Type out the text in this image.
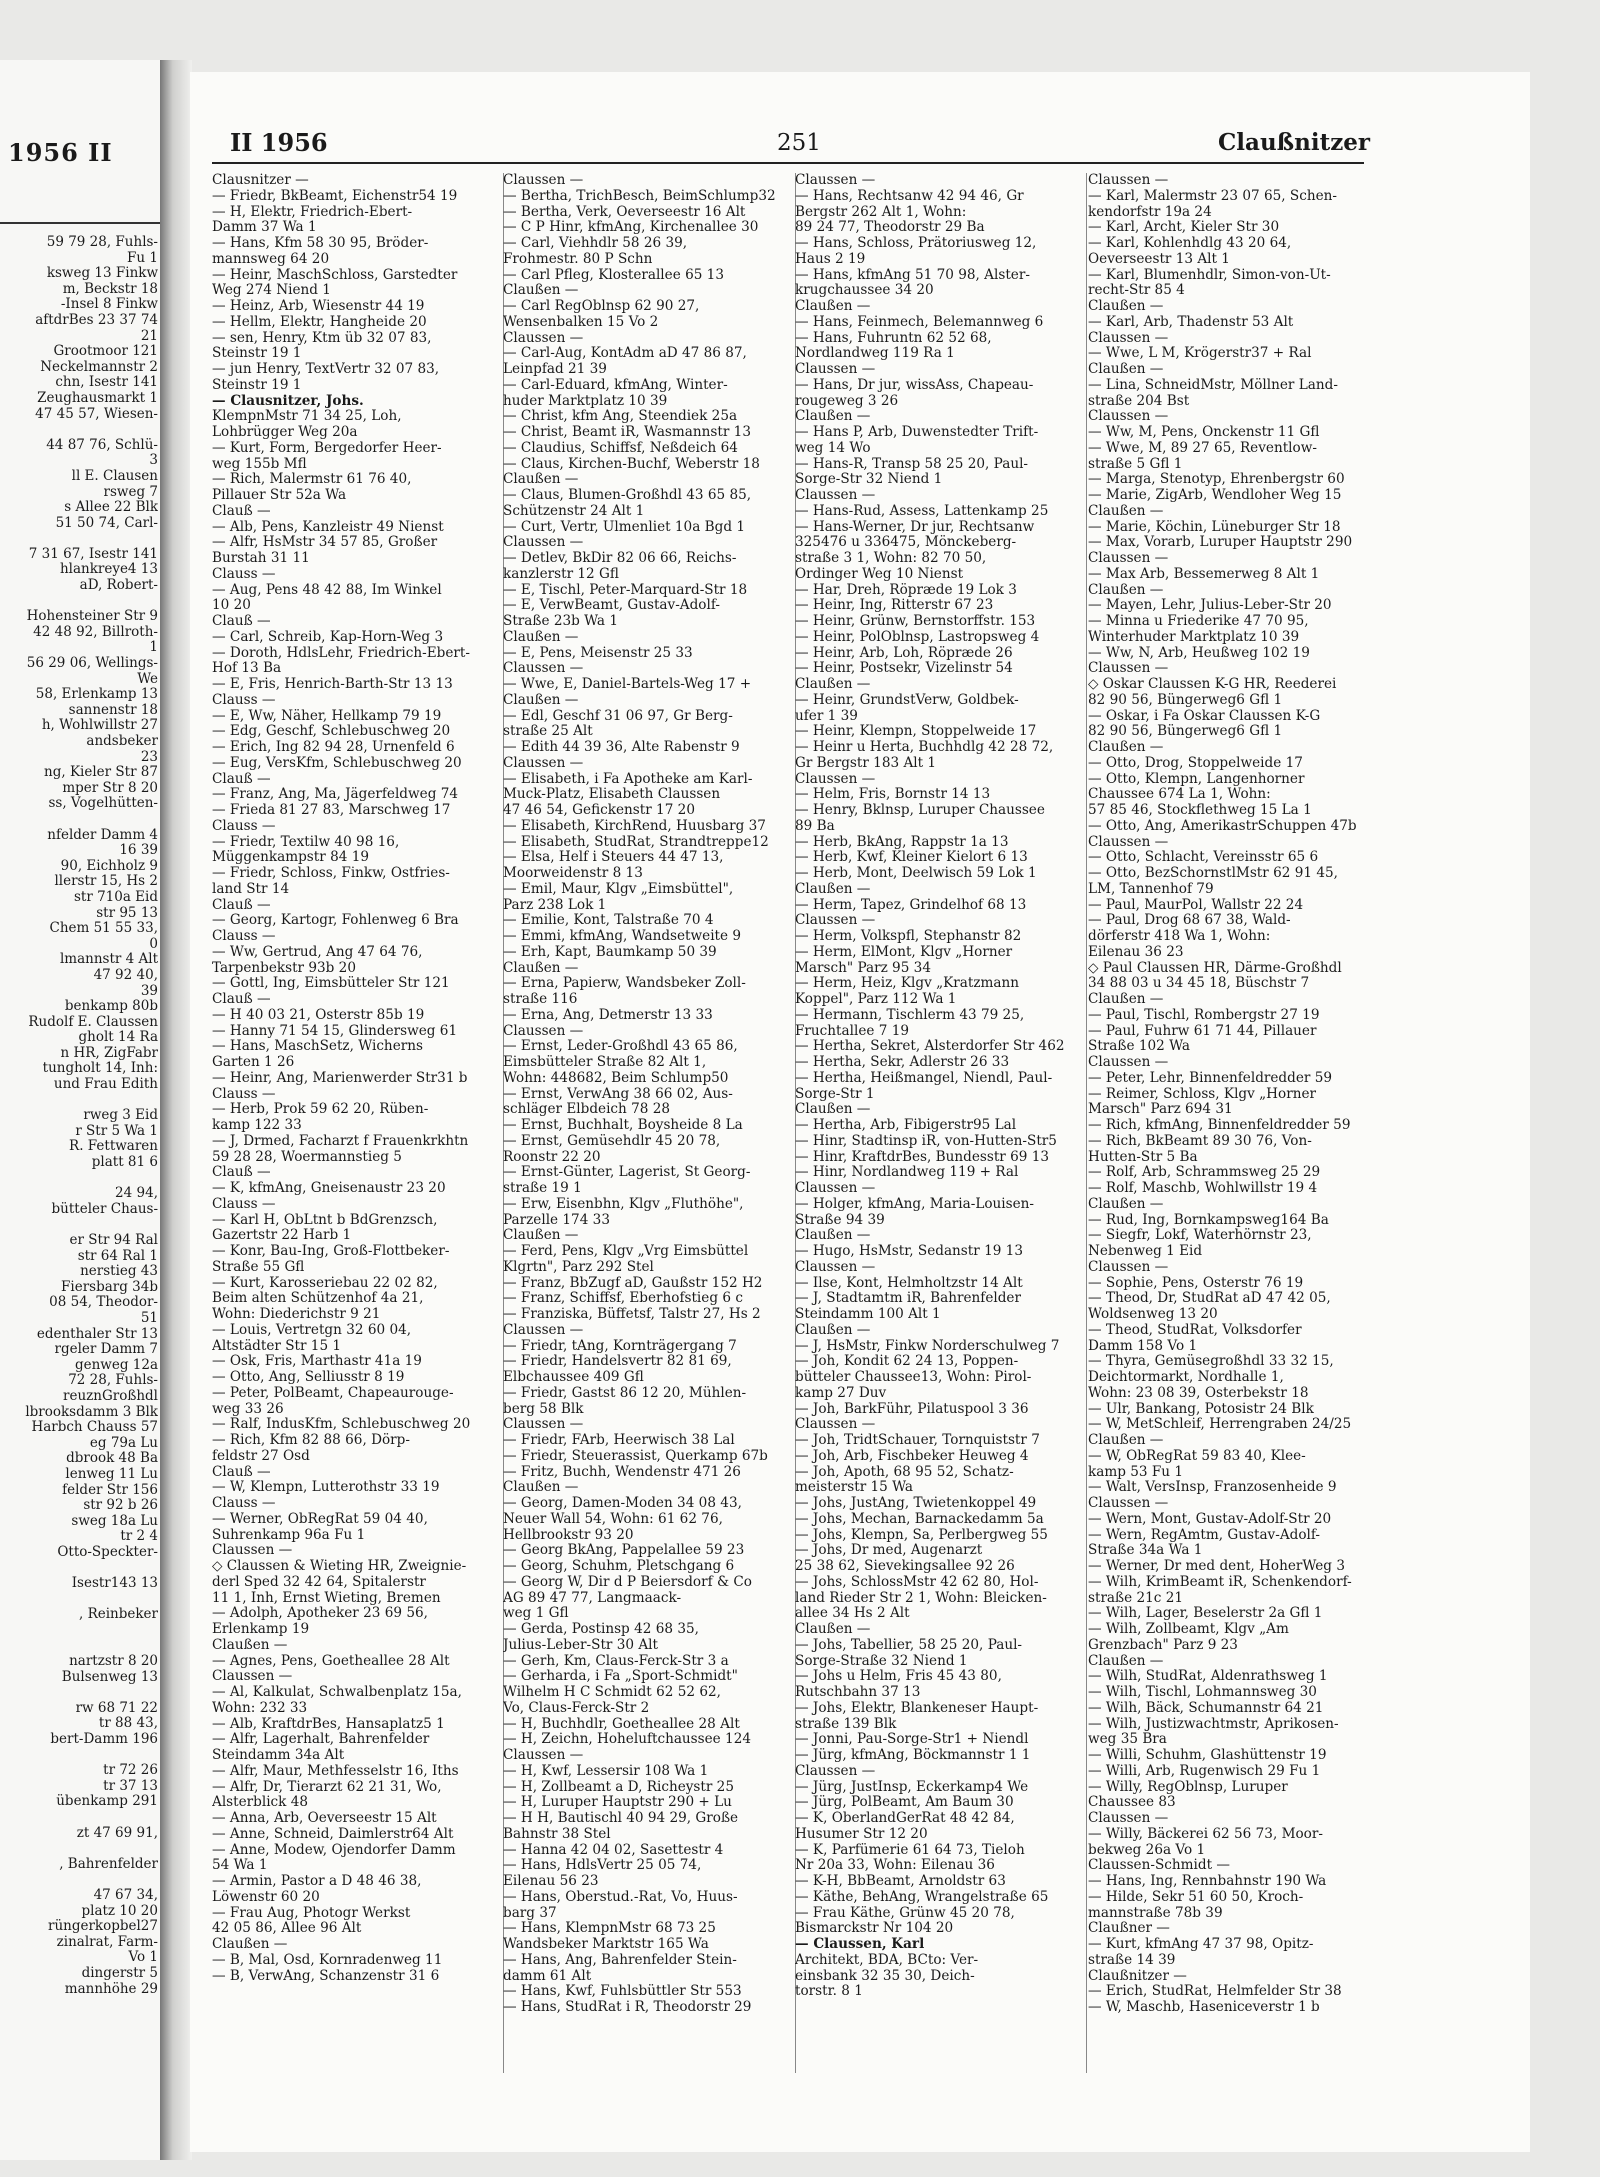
1956 II
59 79 28, Fuhls-
Fu 1
ksweg 13 Finkw
m, Beckstr 18
-Insel 8 Finkw
aftdrBes 23 37 74
21
Grootmoor 121
Neckelmannstr 2
chn, Isestr 141
Zeughausmarkt 1
47 45 57, Wiesen-

44 87 76, Schlü-
3
ll E. Clausen
rsweg 7
s Allee 22 Blk
51 50 74, Carl-

7 31 67, Isestr 141
hlankreye4 13
aD, Robert-

Hohensteiner Str 9
42 48 92, Billroth-
1
56 29 06, Wellings-
We
58, Erlenkamp 13
sannenstr 18
h, Wohlwillstr 27
andsbeker
23
ng, Kieler Str 87
mper Str 8 20
ss, Vogelhütten-

nfelder Damm 4
16 39
90, Eichholz 9
llerstr 15, Hs 2
str 710a Eid
str 95 13
Chem 51 55 33,
0
lmannstr 4 Alt
47 92 40,
39
benkamp 80b
Rudolf E. Claussen
gholt 14 Ra
n HR, ZigFabr
tungholt 14, Inh:
und Frau Edith

rweg 3 Eid
r Str 5 Wa 1
R. Fettwaren
platt 81 6

24 94,
bütteler Chaus-

er Str 94 Ral
str 64 Ral 1
nerstieg 43
Fiersbarg 34b
08 54, Theodor-
51
edenthaler Str 13
rgeler Damm 7
genweg 12a
72 28, Fuhls-
reuznGroßhdl
lbrooksdamm 3 Blk
Harbch Chauss 57
eg 79a Lu
dbrook 48 Ba
lenweg 11 Lu
felder Str 156
str 92 b 26
sweg 18a Lu
tr 2 4
Otto-Speckter-

Isestr143 13

, Reinbeker

nartzstr 8 20
Bulsenweg 13

rw 68 71 22
tr 88 43,
bert-Damm 196

tr 72 26
tr 37 13
übenkamp 291

zt 47 69 91,

, Bahrenfelder

47 67 34,
platz 10 20
rüngerkopbel27
zinalrat, Farm-
Vo 1
dingerstr 5
mannhöhe 29
II 1956	251	Claußnitzer
Clausnitzer —
— Friedr, BkBeamt, Eichenstr54 19
— H, Elektr, Friedrich-Ebert-
Damm 37 Wa 1
— Hans, Kfm 58 30 95, Bröder-
mannsweg 64 20
— Heinr, MaschSchloss, Garstedter
Weg 274 Niend 1
— Heinz, Arb, Wiesenstr 44 19
— Hellm, Elektr, Hangheide 20
— sen, Henry, Ktm üb 32 07 83,
Steinstr 19 1
— jun Henry, TextVertr 32 07 83,
Steinstr 19 1
— Clausnitzer, Johs.
KlempnMstr 71 34 25, Loh,
Lohbrügger Weg 20a
— Kurt, Form, Bergedorfer Heer-
weg 155b Mfl
— Rich, Malermstr 61 76 40,
Pillauer Str 52a Wa
Clauß —
— Alb, Pens, Kanzleistr 49 Nienst
— Alfr, HsMstr 34 57 85, Großer
Burstah 31 11
Clauss —
— Aug, Pens 48 42 88, Im Winkel
10 20
Clauß —
— Carl, Schreib, Kap-Horn-Weg 3
— Doroth, HdlsLehr, Friedrich-Ebert-
Hof 13 Ba
— E, Fris, Henrich-Barth-Str 13 13
Clauss —
— E, Ww, Näher, Hellkamp 79 19
— Edg, Geschf, Schlebuschweg 20
— Erich, Ing 82 94 28, Urnenfeld 6
— Eug, VersKfm, Schlebuschweg 20
Clauß —
— Franz, Ang, Ma, Jägerfeldweg 74
— Frieda 81 27 83, Marschweg 17
Clauss —
— Friedr, Textilw 40 98 16,
Müggenkampstr 84 19
— Friedr, Schloss, Finkw, Ostfries-
land Str 14
Clauß —
— Georg, Kartogr, Fohlenweg 6 Bra
Clauss —
— Ww, Gertrud, Ang 47 64 76,
Tarpenbekstr 93b 20
— Gottl, Ing, Eimsbütteler Str 121
Clauß —
— H 40 03 21, Osterstr 85b 19
— Hanny 71 54 15, Glindersweg 61
— Hans, MaschSetz, Wicherns
Garten 1 26
— Heinr, Ang, Marienwerder Str31 b
Clauss —
— Herb, Prok 59 62 20, Rüben-
kamp 122 33
— J, Drmed, Facharzt f Frauenkrkhtn
59 28 28, Woermannstieg 5
Clauß —
— K, kfmAng, Gneisenaustr 23 20
Clauss —
— Karl H, ObLtnt b BdGrenzsch,
Gazertstr 22 Harb 1
— Konr, Bau-Ing, Groß-Flottbeker-
Straße 55 Gfl
— Kurt, Karosseriebau 22 02 82,
Beim alten Schützenhof 4a 21,
Wohn: Diederichstr 9 21
— Louis, Vertretgn 32 60 04,
Altstädter Str 15 1
— Osk, Fris, Marthastr 41a 19
— Otto, Ang, Selliusstr 8 19
— Peter, PolBeamt, Chapeaurouge-
weg 33 26
— Ralf, IndusKfm, Schlebuschweg 20
— Rich, Kfm 82 88 66, Dörp-
feldstr 27 Osd
Clauß —
— W, Klempn, Lutterothstr 33 19
Clauss —
— Werner, ObRegRat 59 04 40,
Suhrenkamp 96a Fu 1
Claussen —
◇ Claussen & Wieting HR, Zweignie-
derl Sped 32 42 64, Spitalerstr
11 1, Inh, Ernst Wieting, Bremen
— Adolph, Apotheker 23 69 56,
Erlenkamp 19
Claußen —
— Agnes, Pens, Goetheallee 28 Alt
Claussen —
— Al, Kalkulat, Schwalbenplatz 15a,
Wohn: 232 33
— Alb, KraftdrBes, Hansaplatz5 1
— Alfr, Lagerhalt, Bahrenfelder
Steindamm 34a Alt
— Alfr, Maur, Methfesselstr 16, Iths
— Alfr, Dr, Tierarzt 62 21 31, Wo,
Alsterblick 48
— Anna, Arb, Oeverseestr 15 Alt
— Anne, Schneid, Daimlerstr64 Alt
— Anne, Modew, Ojendorfer Damm
54 Wa 1
— Armin, Pastor a D 48 46 38,
Löwenstr 60 20
— Frau Aug, Photogr Werkst
42 05 86, Allee 96 Alt
Claußen —
— B, Mal, Osd, Kornradenweg 11
— B, VerwAng, Schanzenstr 31 6
Claussen —
— Bertha, TrichBesch, BeimSchlump32
— Bertha, Verk, Oeverseestr 16 Alt
— C P Hinr, kfmAng, Kirchenallee 30
— Carl, Viehhdlr 58 26 39,
Frohmestr. 80 P Schn
— Carl Pfleg, Klosterallee 65 13
Claußen —
— Carl RegOblnsp 62 90 27,
Wensenbalken 15 Vo 2
Claussen —
— Carl-Aug, KontAdm aD 47 86 87,
Leinpfad 21 39
— Carl-Eduard, kfmAng, Winter-
huder Marktplatz 10 39
— Christ, kfm Ang, Steendiek 25a
— Christ, Beamt iR, Wasmannstr 13
— Claudius, Schiffsf, Neßdeich 64
— Claus, Kirchen-Buchf, Weberstr 18
Claußen —
— Claus, Blumen-Großhdl 43 65 85,
Schützenstr 24 Alt 1
— Curt, Vertr, Ulmenliet 10a Bgd 1
Claussen —
— Detlev, BkDir 82 06 66, Reichs-
kanzlerstr 12 Gfl
— E, Tischl, Peter-Marquard-Str 18
— E, VerwBeamt, Gustav-Adolf-
Straße 23b Wa 1
Claußen —
— E, Pens, Meisenstr 25 33
Claussen —
— Wwe, E, Daniel-Bartels-Weg 17 +
Claußen —
— Edl, Geschf 31 06 97, Gr Berg-
straße 25 Alt
— Edith 44 39 36, Alte Rabenstr 9
Claussen —
— Elisabeth, i Fa Apotheke am Karl-
Muck-Platz, Elisabeth Claussen
47 46 54, Gefickenstr 17 20
— Elisabeth, KirchRend, Huusbarg 37
— Elisabeth, StudRat, Strandtreppe12
— Elsa, Helf i Steuers 44 47 13,
Moorweidenstr 8 13
— Emil, Maur, Klgv „Eimsbüttel",
Parz 238 Lok 1
— Emilie, Kont, Talstraße 70 4
— Emmi, kfmAng, Wandsetweite 9
— Erh, Kapt, Baumkamp 50 39
Claußen —
— Erna, Papierw, Wandsbeker Zoll-
straße 116
— Erna, Ang, Detmerstr 13 33
Claussen —
— Ernst, Leder-Großhdl 43 65 86,
Eimsbütteler Straße 82 Alt 1,
Wohn: 448682, Beim Schlump50
— Ernst, VerwAng 38 66 02, Aus-
schläger Elbdeich 78 28
— Ernst, Buchhalt, Boysheide 8 La
— Ernst, Gemüsehdlr 45 20 78,
Roonstr 22 20
— Ernst-Günter, Lagerist, St Georg-
straße 19 1
— Erw, Eisenbhn, Klgv „Fluthöhe",
Parzelle 174 33
Claußen —
— Ferd, Pens, Klgv „Vrg Eimsbüttel
Klgrtn", Parz 292 Stel
— Franz, BbZugf aD, Gaußstr 152 H2
— Franz, Schiffsf, Eberhofstieg 6 c
— Franziska, Büffetsf, Talstr 27, Hs 2
Claussen —
— Friedr, tAng, Kornträgergang 7
— Friedr, Handelsvertr 82 81 69,
Elbchaussee 409 Gfl
— Friedr, Gastst 86 12 20, Mühlen-
berg 58 Blk
Claussen —
— Friedr, FArb, Heerwisch 38 Lal
— Friedr, Steuerassist, Querkamp 67b
— Fritz, Buchh, Wendenstr 471 26
Claußen —
— Georg, Damen-Moden 34 08 43,
Neuer Wall 54, Wohn: 61 62 76,
Hellbrookstr 93 20
— Georg BkAng, Pappelallee 59 23
— Georg, Schuhm, Pletschgang 6
— Georg W, Dir d P Beiersdorf & Co
AG 89 47 77, Langmaack-
weg 1 Gfl
— Gerda, Postinsp 42 68 35,
Julius-Leber-Str 30 Alt
— Gerh, Km, Claus-Ferck-Str 3 a
— Gerharda, i Fa „Sport-Schmidt"
Wilhelm H C Schmidt 62 52 62,
Vo, Claus-Ferck-Str 2
— H, Buchhdlr, Goetheallee 28 Alt
— H, Zeichn, Hoheluftchaussee 124
Claussen —
— H, Kwf, Lessersir 108 Wa 1
— H, Zollbeamt a D, Richeystr 25
— H, Luruper Hauptstr 290 + Lu
— H H, Bautischl 40 94 29, Große
Bahnstr 38 Stel
— Hanna 42 04 02, Sasettestr 4
— Hans, HdlsVertr 25 05 74,
Eilenau 56 23
— Hans, Oberstud.-Rat, Vo, Huus-
barg 37
— Hans, KlempnMstr 68 73 25
Wandsbeker Marktstr 165 Wa
— Hans, Ang, Bahrenfelder Stein-
damm 61 Alt
— Hans, Kwf, Fuhlsbüttler Str 553
— Hans, StudRat i R, Theodorstr 29
Claussen —
— Hans, Rechtsanw 42 94 46, Gr
Bergstr 262 Alt 1, Wohn:
89 24 77, Theodorstr 29 Ba
— Hans, Schloss, Prätoriusweg 12,
Haus 2 19
— Hans, kfmAng 51 70 98, Alster-
krugchaussee 34 20
Claußen —
— Hans, Feinmech, Belemannweg 6
— Hans, Fuhruntn 62 52 68,
Nordlandweg 119 Ra 1
Claussen —
— Hans, Dr jur, wissAss, Chapeau-
rougeweg 3 26
Claußen —
— Hans P, Arb, Duwenstedter Trift-
weg 14 Wo
— Hans-R, Transp 58 25 20, Paul-
Sorge-Str 32 Niend 1
Claussen —
— Hans-Rud, Assess, Lattenkamp 25
— Hans-Werner, Dr jur, Rechtsanw
325476 u 336475, Mönckeberg-
straße 3 1, Wohn: 82 70 50,
Ordinger Weg 10 Nienst
— Har, Dreh, Röpræde 19 Lok 3
— Heinr, Ing, Ritterstr 67 23
— Heinr, Grünw, Bernstorffstr. 153
— Heinr, PolOblnsp, Lastropsweg 4
— Heinr, Arb, Loh, Röpræde 26
— Heinr, Postsekr, Vizelinstr 54
Claußen —
— Heinr, GrundstVerw, Goldbek-
ufer 1 39
— Heinr, Klempn, Stoppelweide 17
— Heinr u Herta, Buchhdlg 42 28 72,
Gr Bergstr 183 Alt 1
Claussen —
— Helm, Fris, Bornstr 14 13
— Henry, Bklnsp, Luruper Chaussee
89 Ba
— Herb, BkAng, Rappstr 1a 13
— Herb, Kwf, Kleiner Kielort 6 13
— Herb, Mont, Deelwisch 59 Lok 1
Claußen —
— Herm, Tapez, Grindelhof 68 13
Claussen —
— Herm, Volkspfl, Stephanstr 82
— Herm, ElMont, Klgv „Horner
Marsch" Parz 95 34
— Herm, Heiz, Klgv „Kratzmann
Koppel", Parz 112 Wa 1
— Hermann, Tischlerm 43 79 25,
Fruchtallee 7 19
— Hertha, Sekret, Alsterdorfer Str 462
— Hertha, Sekr, Adlerstr 26 33
— Hertha, Heißmangel, Niendl, Paul-
Sorge-Str 1
Claußen —
— Hertha, Arb, Fibigerstr95 Lal
— Hinr, Stadtinsp iR, von-Hutten-Str5
— Hinr, KraftdrBes, Bundesstr 69 13
— Hinr, Nordlandweg 119 + Ral
Claussen —
— Holger, kfmAng, Maria-Louisen-
Straße 94 39
Claußen —
— Hugo, HsMstr, Sedanstr 19 13
Claussen —
— Ilse, Kont, Helmholtzstr 14 Alt
— J, Stadtamtm iR, Bahrenfelder
Steindamm 100 Alt 1
Claußen —
— J, HsMstr, Finkw Norderschulweg 7
— Joh, Kondit 62 24 13, Poppen-
bütteler Chaussee13, Wohn: Pirol-
kamp 27 Duv
— Joh, BarkFühr, Pilatuspool 3 36
Claussen —
— Joh, TridtSchauer, Tornquiststr 7
— Joh, Arb, Fischbeker Heuweg 4
— Joh, Apoth, 68 95 52, Schatz-
meisterstr 15 Wa
— Johs, JustAng, Twietenkoppel 49
— Johs, Mechan, Barnackedamm 5a
— Johs, Klempn, Sa, Perlbergweg 55
— Johs, Dr med, Augenarzt
25 38 62, Sievekingsallee 92 26
— Johs, SchlossMstr 42 62 80, Hol-
land Rieder Str 2 1, Wohn: Bleicken-
allee 34 Hs 2 Alt
Claußen —
— Johs, Tabellier, 58 25 20, Paul-
Sorge-Straße 32 Niend 1
— Johs u Helm, Fris 45 43 80,
Rutschbahn 37 13
— Johs, Elektr, Blankeneser Haupt-
straße 139 Blk
— Jonni, Pau-Sorge-Str1 + Niendl
— Jürg, kfmAng, Böckmannstr 1 1
Claussen —
— Jürg, JustInsp, Eckerkamp4 We
— Jürg, PolBeamt, Am Baum 30
— K, OberlandGerRat 48 42 84,
Husumer Str 12 20
— K, Parfümerie 61 64 73, Tieloh
Nr 20a 33, Wohn: Eilenau 36
— K-H, BbBeamt, Arnoldstr 63
— Käthe, BehAng, Wrangelstraße 65
— Frau Käthe, Grünw 45 20 78,
Bismarckstr Nr 104 20
— Claussen, Karl
Architekt, BDA, BCto: Ver-
einsbank 32 35 30, Deich-
torstr. 8 1
Claussen —
— Karl, Malermstr 23 07 65, Schen-
kendorfstr 19a 24
— Karl, Archt, Kieler Str 30
— Karl, Kohlenhdlg 43 20 64,
Oeverseestr 13 Alt 1
— Karl, Blumenhdlr, Simon-von-Ut-
recht-Str 85 4
Claußen —
— Karl, Arb, Thadenstr 53 Alt
Claussen —
— Wwe, L M, Krögerstr37 + Ral
Claußen —
— Lina, SchneidMstr, Möllner Land-
straße 204 Bst
Claussen —
— Ww, M, Pens, Onckenstr 11 Gfl
— Wwe, M, 89 27 65, Reventlow-
straße 5 Gfl 1
— Marga, Stenotyp, Ehrenbergstr 60
— Marie, ZigArb, Wendloher Weg 15
Claußen —
— Marie, Köchin, Lüneburger Str 18
— Max, Vorarb, Luruper Hauptstr 290
Claussen —
— Max Arb, Bessemerweg 8 Alt 1
Claußen —
— Mayen, Lehr, Julius-Leber-Str 20
— Minna u Friederike 47 70 95,
Winterhuder Marktplatz 10 39
— Ww, N, Arb, Heußweg 102 19
Claussen —
◇ Oskar Claussen K-G HR, Reederei
82 90 56, Büngerweg6 Gfl 1
— Oskar, i Fa Oskar Claussen K-G
82 90 56, Büngerweg6 Gfl 1
Claußen —
— Otto, Drog, Stoppelweide 17
— Otto, Klempn, Langenhorner
Chaussee 674 La 1, Wohn:
57 85 46, Stockflethweg 15 La 1
— Otto, Ang, AmerikastrSchuppen 47b
Claussen —
— Otto, Schlacht, Vereinsstr 65 6
— Otto, BezSchornstlMstr 62 91 45,
LM, Tannenhof 79
— Paul, MaurPol, Wallstr 22 24
— Paul, Drog 68 67 38, Wald-
dörferstr 418 Wa 1, Wohn:
Eilenau 36 23
◇ Paul Claussen HR, Därme-Großhdl
34 88 03 u 34 45 18, Büschstr 7
Claußen —
— Paul, Tischl, Rombergstr 27 19
— Paul, Fuhrw 61 71 44, Pillauer
Straße 102 Wa
Claussen —
— Peter, Lehr, Binnenfeldredder 59
— Reimer, Schloss, Klgv „Horner
Marsch" Parz 694 31
— Rich, kfmAng, Binnenfeldredder 59
— Rich, BkBeamt 89 30 76, Von-
Hutten-Str 5 Ba
— Rolf, Arb, Schrammsweg 25 29
— Rolf, Maschb, Wohlwillstr 19 4
Claußen —
— Rud, Ing, Bornkampsweg164 Ba
— Siegfr, Lokf, Waterhörnstr 23,
Nebenweg 1 Eid
Claussen —
— Sophie, Pens, Osterstr 76 19
— Theod, Dr, StudRat aD 47 42 05,
Woldsenweg 13 20
— Theod, StudRat, Volksdorfer
Damm 158 Vo 1
— Thyra, Gemüsegroßhdl 33 32 15,
Deichtormarkt, Nordhalle 1,
Wohn: 23 08 39, Osterbekstr 18
— Ulr, Bankang, Potosistr 24 Blk
— W, MetSchleif, Herrengraben 24/25
Claußen —
— W, ObRegRat 59 83 40, Klee-
kamp 53 Fu 1
— Walt, VersInsp, Franzosenheide 9
Claussen —
— Wern, Mont, Gustav-Adolf-Str 20
— Wern, RegAmtm, Gustav-Adolf-
Straße 34a Wa 1
— Werner, Dr med dent, HoherWeg 3
— Wilh, KrimBeamt iR, Schenkendorf-
straße 21c 21
— Wilh, Lager, Beselerstr 2a Gfl 1
— Wilh, Zollbeamt, Klgv „Am
Grenzbach" Parz 9 23
Claußen —
— Wilh, StudRat, Aldenrathsweg 1
— Wilh, Tischl, Lohmannsweg 30
— Wilh, Bäck, Schumannstr 64 21
— Wilh, Justizwachtmstr, Aprikosen-
weg 35 Bra
— Willi, Schuhm, Glashüttenstr 19
— Willi, Arb, Rugenwisch 29 Fu 1
— Willy, RegOblnsp, Luruper
Chaussee 83
Claussen —
— Willy, Bäckerei 62 56 73, Moor-
bekweg 26a Vo 1
Claussen-Schmidt —
— Hans, Ing, Rennbahnstr 190 Wa
— Hilde, Sekr 51 60 50, Kroch-
mannstraße 78b 39
Claußner —
— Kurt, kfmAng 47 37 98, Opitz-
straße 14 39
Claußnitzer —
— Erich, StudRat, Helmfelder Str 38
— W, Maschb, Haseniceverstr 1 b
